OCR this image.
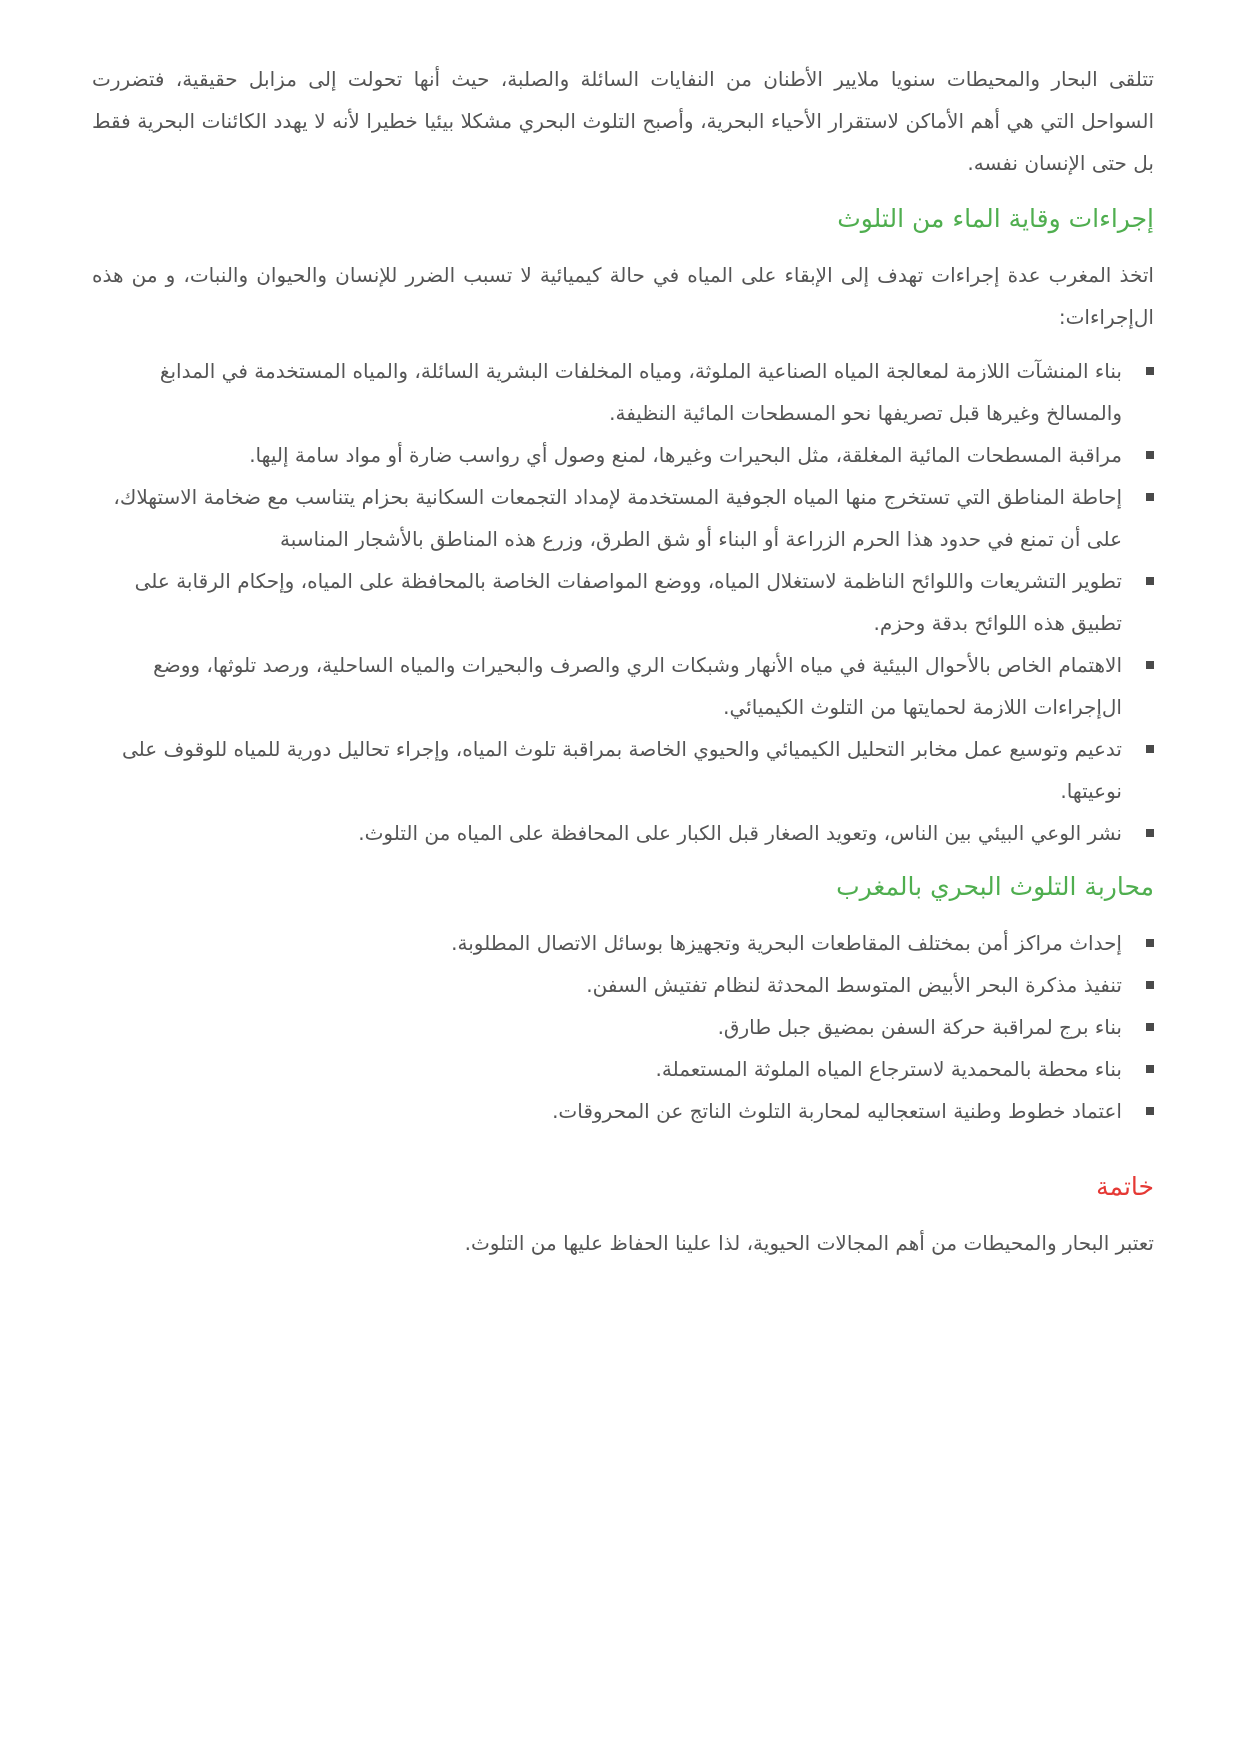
تتلقى البحار والمحيطات سنويا ملايير الأطنان من النفايات السائلة والصلبة، حيث أنها تحولت إلى مزابل حقيقية، فتضررت السواحل التي هي أهم الأماكن لاستقرار الأحياء البحرية، وأصبح التلوث البحري مشكلا بيئيا خطيرا لأنه لا يهدد الكائنات البحرية فقط بل حتى الإنسان نفسه.

إجراءات وقاية الماء من التلوث

اتخذ المغرب عدة إجراءات تهدف إلى الإبقاء على المياه في حالة كيميائية لا تسبب الضرر للإنسان والحيوان والنبات، و من هذه ال‌إجراءات:

بناء المنشآت اللازمة لمعالجة المياه الصناعية الملوثة، ومياه المخلفات البشرية السائلة، والمياه المستخدمة في المدابغ والمسالخ وغيرها قبل تصريفها نحو المسطحات المائية النظيفة.
مراقبة المسطحات المائية المغلقة، مثل البحيرات وغيرها، لمنع وصول أي رواسب ضارة أو مواد سامة إليها.
إحاطة المناطق التي تستخرج منها المياه الجوفية المستخدمة لإمداد التجمعات السكانية بحزام يتناسب مع ضخامة الاستهلاك، على أن تمنع في حدود هذا الحرم الزراعة أو البناء أو شق الطرق، وزرع هذه المناطق بالأشجار المناسبة
تطوير التشريعات واللوائح الناظمة لاستغلال المياه، ووضع المواصفات الخاصة بالمحافظة على المياه، وإحكام الرقابة على تطبيق هذه اللوائح بدقة وحزم.
الاهتمام الخاص بالأحوال البيئية في مياه الأنهار وشبكات الري والصرف والبحيرات والمياه الساحلية، ورصد تلوثها، ووضع ال‌إجراءات اللازمة لحمايتها من التلوث الكيميائي.
تدعيم وتوسيع عمل مخابر التحليل الكيميائي والحيوي الخاصة بمراقبة تلوث المياه، وإجراء تحاليل دورية للمياه للوقوف على نوعيتها.
نشر الوعي البيئي بين الناس، وتعويد الصغار قبل الكبار على المحافظة على المياه من التلوث.
محاربة التلوث البحري بالمغرب
إحداث مراكز أمن بمختلف المقاطعات البحرية وتجهيزها بوسائل الاتصال المطلوبة.
تنفيذ مذكرة البحر الأبيض المتوسط المحدثة لنظام تفتيش السفن.
بناء برج لمراقبة حركة السفن بمضيق جبل طارق.
بناء محطة بالمحمدية لاسترجاع المياه الملوثة المستعملة.
اعتماد خطوط وطنية استعجاليه لمحاربة التلوث الناتج عن المحروقات.
خاتمة

تعتبر البحار والمحيطات من أهم المجالات الحيوية، لذا علينا الحفاظ عليها من التلوث.
